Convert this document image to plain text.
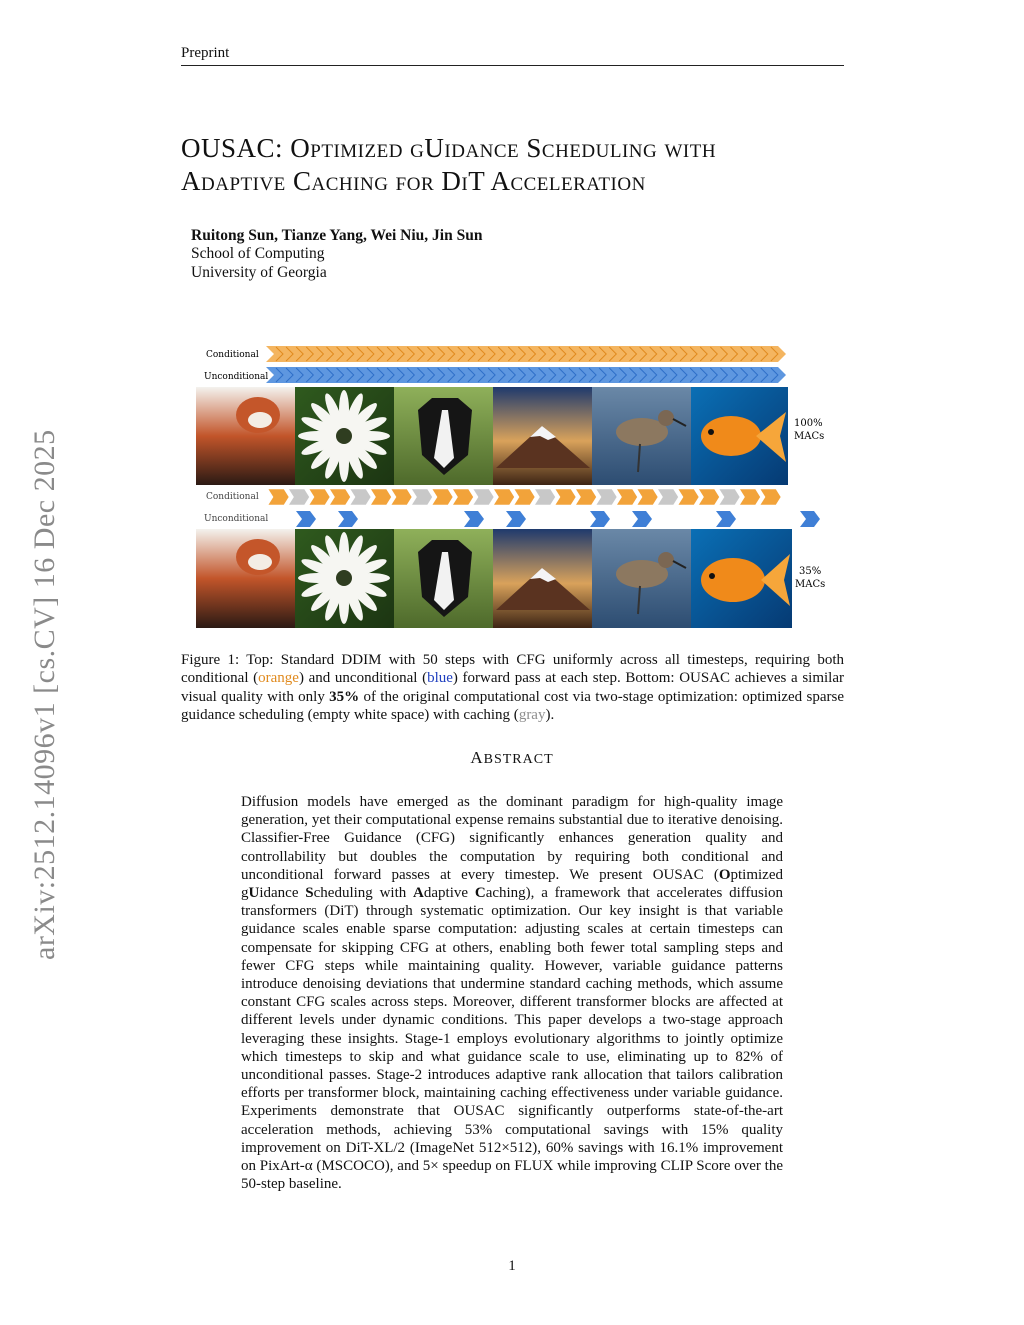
Preprint
arXiv:2512.14096v1 [cs.CV] 16 Dec 2025
OUSAC: Optimized gUidance Scheduling with
Adaptive Caching for DiT Acceleration
Ruitong Sun, Tianze Yang, Wei Niu, Jin Sun
School of Computing
University of Georgia
Conditional
Unconditional
100%
MACs
Conditional
Unconditional
35%
MACs
Figure 1: Top: Standard DDIM with 50 steps with CFG uniformly across all timesteps, requiring both conditional (orange) and unconditional (blue) forward pass at each step. Bottom: OUSAC achieves a similar visual quality with only 35% of the original computational cost via two-stage optimization: optimized sparse guidance scheduling (empty white space) with caching (gray).
ABSTRACT
Diffusion models have emerged as the dominant paradigm for high-quality image generation, yet their computational expense remains substantial due to iterative denoising. Classifier-Free Guidance (CFG) significantly enhances generation quality and controllability but doubles the computation by requiring both conditional and unconditional forward passes at every timestep. We present OUSAC (Optimized gUidance Scheduling with Adaptive Caching), a framework that accelerates diffusion transformers (DiT) through systematic optimization. Our key insight is that variable guidance scales enable sparse computation: adjusting scales at certain timesteps can compensate for skipping CFG at others, enabling both fewer total sampling steps and fewer CFG steps while maintaining quality. However, variable guidance patterns introduce denoising deviations that undermine standard caching methods, which assume constant CFG scales across steps. Moreover, different transformer blocks are affected at different levels under dynamic conditions. This paper develops a two-stage approach leveraging these insights. Stage-1 employs evolutionary algorithms to jointly optimize which timesteps to skip and what guidance scale to use, eliminating up to 82% of unconditional passes. Stage-2 introduces adaptive rank allocation that tailors calibration efforts per transformer block, maintaining caching effectiveness under variable guidance. Experiments demonstrate that OUSAC significantly outperforms state-of-the-art acceleration methods, achieving 53% computational savings with 15% quality improvement on DiT-XL/2 (ImageNet 512×512), 60% savings with 16.1% improvement on PixArt-α (MSCOCO), and 5× speedup on FLUX while improving CLIP Score over the 50-step baseline.
1
